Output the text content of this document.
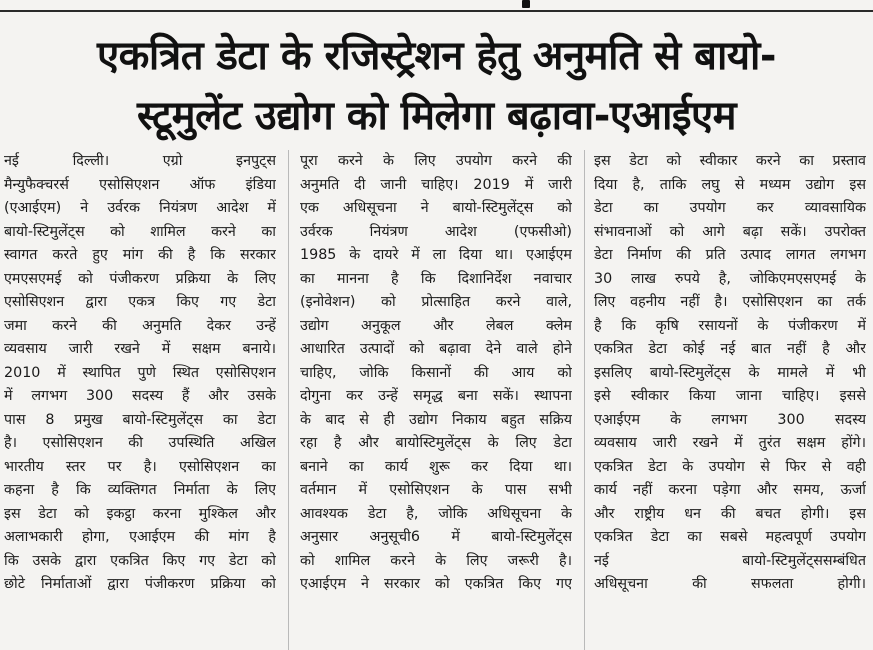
एकत्रित डेटा के रजिस्ट्रेशन हेतु अनुमति से बायो-
स्टूमुलेंट उद्योग को मिलेगा बढ़ावा-एआईएम
नई दिल्ली। एग्रो इनपुट्स
मैन्युफैक्चरर्स एसोसिएशन ऑफ इंडिया
(एआईएम) ने उर्वरक नियंत्रण आदेश में
बायो-स्टिमुलेंट्स को शामिल करने का
स्वागत करते हुए मांग की है कि सरकार
एमएसएमई को पंजीकरण प्रक्रिया के लिए
एसोसिएशन द्वारा एकत्र किए गए डेटा
जमा करने की अनुमति देकर उन्हें
व्यवसाय जारी रखने में सक्षम बनाये।
2010 में स्थापित पुणे स्थित एसोसिएशन
में लगभग 300 सदस्य हैं और उसके
पास 8 प्रमुख बायो-स्टिमुलेंट्स का डेटा
है। एसोसिएशन की उपस्थिति अखिल
भारतीय स्तर पर है। एसोसिएशन का
कहना है कि व्यक्तिगत निर्माता के लिए
इस डेटा को इकट्ठा करना मुश्किल और
अलाभकारी होगा, एआईएम की मांग है
कि उसके द्वारा एकत्रित किए गए डेटा को
छोटे निर्माताओं द्वारा पंजीकरण प्रक्रिया को
पूरा करने के लिए उपयोग करने की
अनुमति दी जानी चाहिए। 2019 में जारी
एक अधिसूचना ने बायो-स्टिमुलेंट्स को
उर्वरक नियंत्रण आदेश (एफसीओ)
1985 के दायरे में ला दिया था। एआईएम
का मानना है कि दिशानिर्देश नवाचार
(इनोवेशन) को प्रोत्साहित करने वाले,
उद्योग अनुकूल और लेबल क्लेम
आधारित उत्पादों को बढ़ावा देने वाले होने
चाहिए, जोकि किसानों की आय को
दोगुना कर उन्हें समृद्ध बना सकें। स्थापना
के बाद से ही उद्योग निकाय बहुत सक्रिय
रहा है और बायोस्टिमुलेंट्स के लिए डेटा
बनाने का कार्य शुरू कर दिया था।
वर्तमान में एसोसिएशन के पास सभी
आवश्यक डेटा है, जोकि अधिसूचना के
अनुसार अनुसूची6 में बायो-स्टिमुलेंट्स
को शामिल करने के लिए जरूरी है।
एआईएम ने सरकार को एकत्रित किए गए
इस डेटा को स्वीकार करने का प्रस्ताव
दिया है, ताकि लघु से मध्यम उद्योग इस
डेटा का उपयोग कर व्यावसायिक
संभावनाओं को आगे बढ़ा सकें। उपरोक्त
डेटा निर्माण की प्रति उत्पाद लागत लगभग
30 लाख रुपये है, जोकिएमएसएमई के
लिए वहनीय नहीं है। एसोसिएशन का तर्क
है कि कृषि रसायनों के पंजीकरण में
एकत्रित डेटा कोई नई बात नहीं है और
इसलिए बायो-स्टिमुलेंट्स के मामले में भी
इसे स्वीकार किया जाना चाहिए। इससे
एआईएम के लगभग 300 सदस्य
व्यवसाय जारी रखने में तुरंत सक्षम होंगे।
एकत्रित डेटा के उपयोग से फिर से वही
कार्य नहीं करना पड़ेगा और समय, ऊर्जा
और राष्ट्रीय धन की बचत होगी। इस
एकत्रित डेटा का सबसे महत्वपूर्ण उपयोग
नई बायो-स्टिमुलेंट्ससम्बंधित
अधिसूचना की सफलता होगी।
